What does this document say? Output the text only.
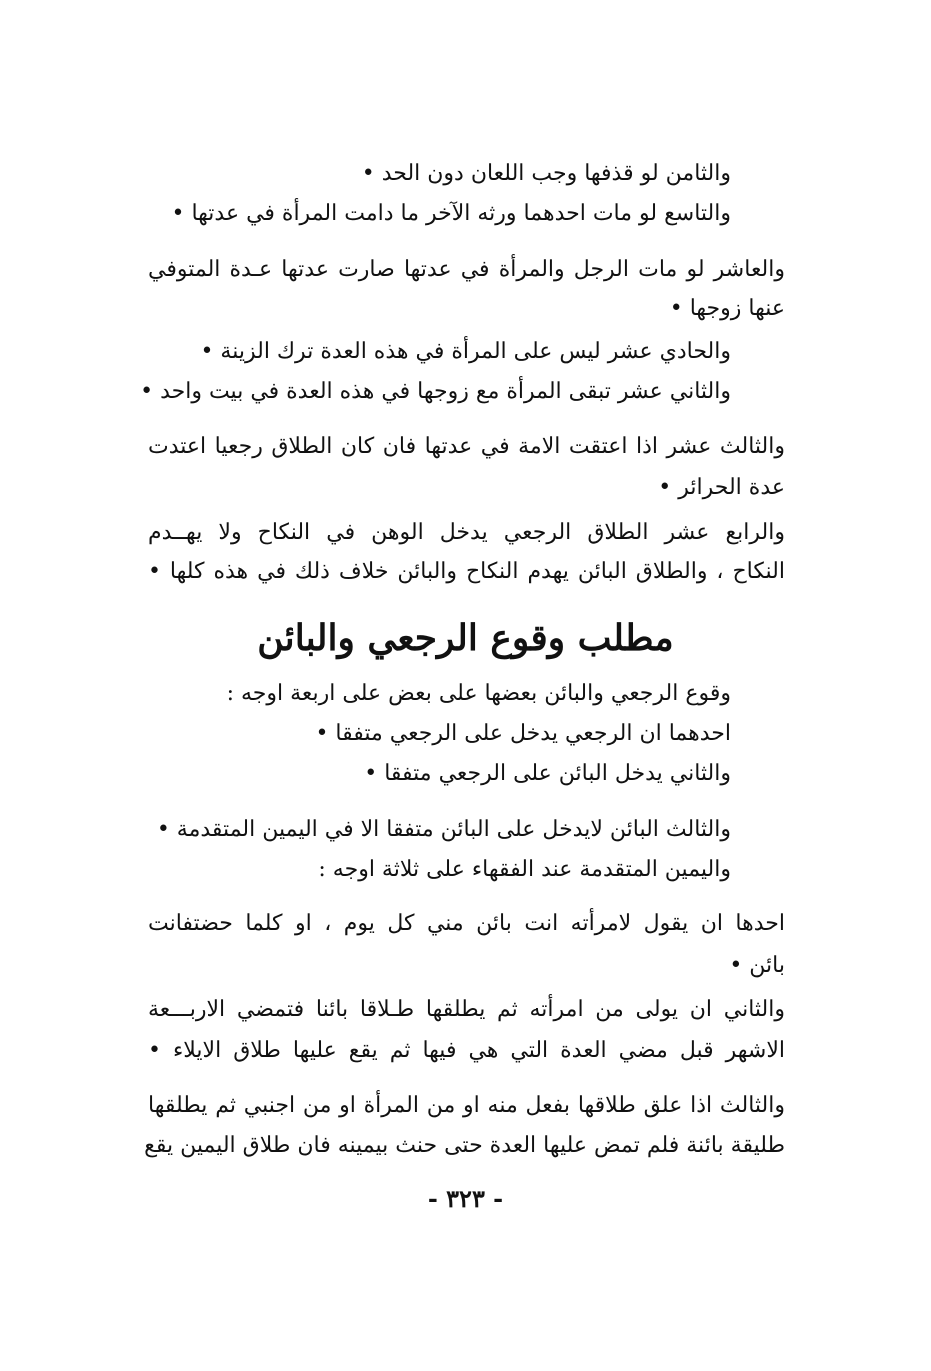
والثامن لو قذفها وجب اللعان دون الحد •
والتاسع لو مات احدهما ورثه الآخر ما دامت المرأة في عدتها •
والعاشر لو مات الرجل والمرأة في عدتها صارت عدتها عـدة المتوفي
عنها زوجها •
والحادي عشر ليس على المرأة في هذه العدة ترك الزينة •
والثاني عشر تبقى المرأة مع زوجها في هذه العدة في بيت واحد •
والثالث عشر اذا اعتقت الامة في عدتها فان كان الطلاق رجعيا اعتدت
عدة الحرائر •
والرابع عشر الطلاق الرجعي يدخل الوهن في النكاح ولا يهــدم
النكاح ، والطلاق البائن يهدم النكاح والبائن خلاف ذلك في هذه كلها •
مطلب وقوع الرجعي والبائن
وقوع الرجعي والبائن بعضها على بعض على اربعة اوجه :
احدهما ان الرجعي يدخل على الرجعي متفقا •
والثاني يدخل البائن على الرجعي متفقا •
والثالث البائن لايدخل على البائن متفقا الا في اليمين المتقدمة •
واليمين المتقدمة عند الفقهاء على ثلاثة اوجه :
احدها ان يقول لامرأته انت بائن مني كل يوم ، او كلما حضتفانت
بائن •
والثاني ان يولى من امرأته ثم يطلقها طـلاقا بائنا فتمضي الاربـــعة
الاشهر قبل مضي العدة التي هي فيها ثم يقع عليها طلاق الايلاء •
والثالث اذا علق طلاقها بفعل منه او من المرأة او من اجنبي ثم يطلقها
طليقة بائنة فلم تمض عليها العدة حتى حنث بيمينه فان طلاق اليمين يقع
- ٣٢٣ -
